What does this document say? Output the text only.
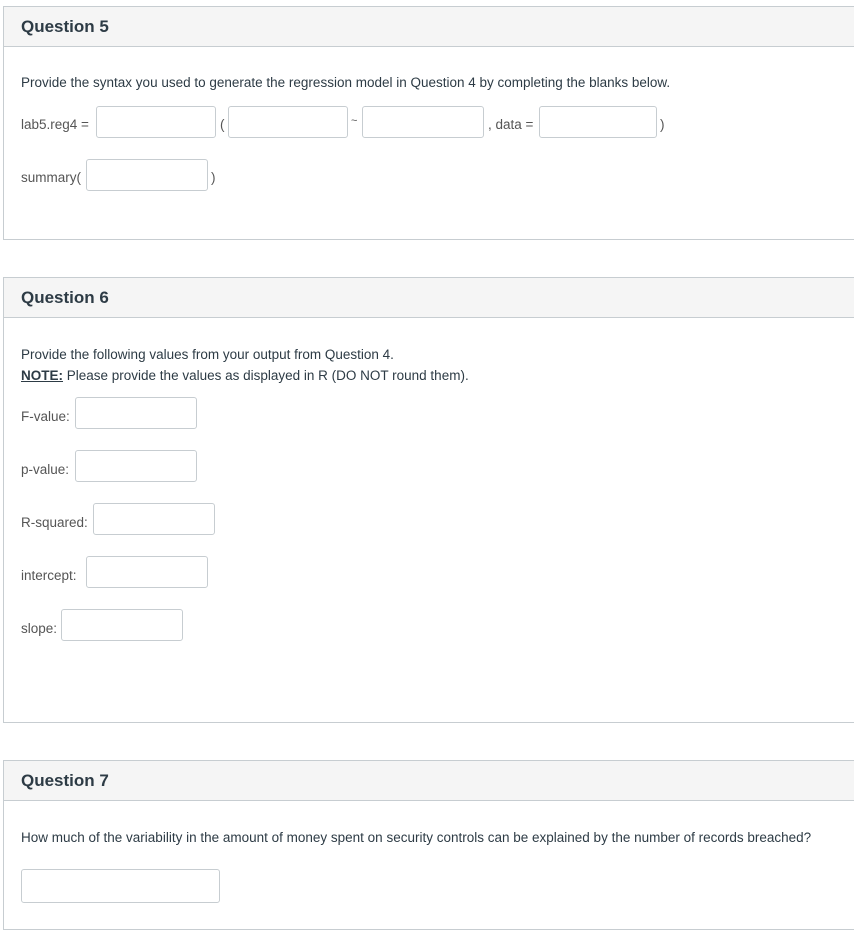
Question 5
Provide the syntax you used to generate the regression model in Question 4 by completing the blanks below.
lab5.reg4 =	(	~	, data =	)
summary(	)
Question 6
Provide the following values from your output from Question 4.
NOTE: Please provide the values as displayed in R (DO NOT round them).
F-value:
p-value:
R-squared:
intercept:
slope:
Question 7
How much of the variability in the amount of money spent on security controls can be explained by the number of records breached?
